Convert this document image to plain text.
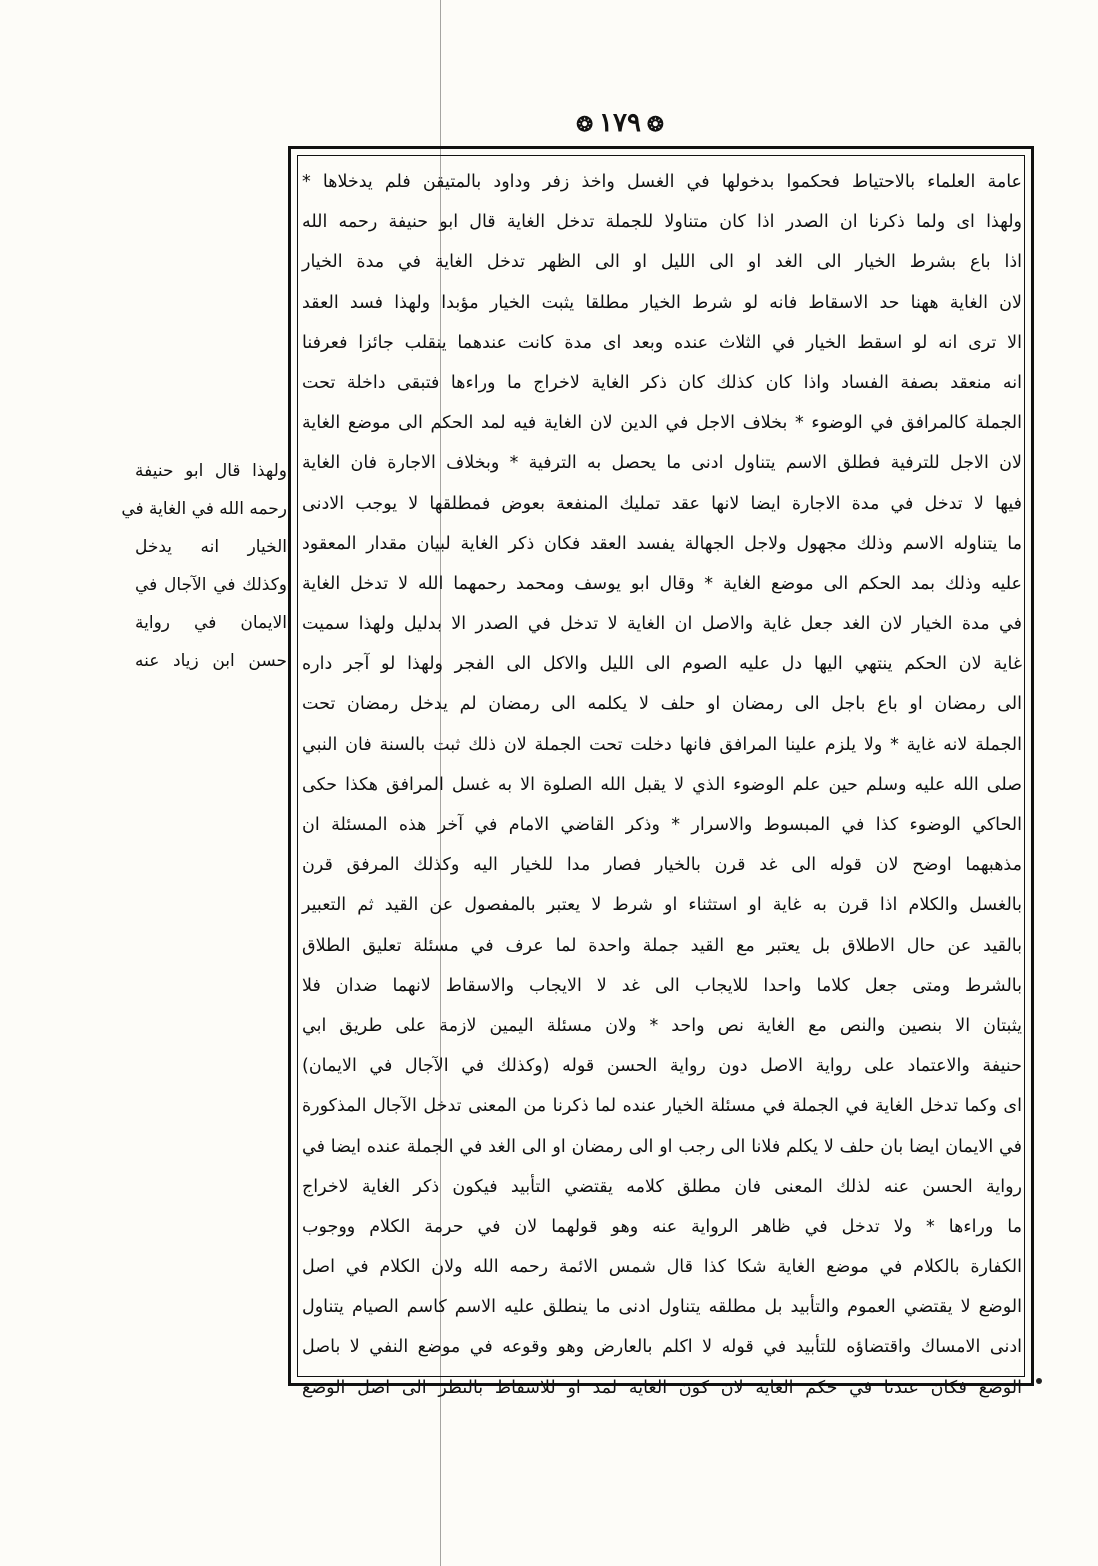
❂١٧٩❂
عامة العلماء بالاحتياط فحكموا بدخولها في الغسل واخذ زفر وداود بالمتيقن فلم يدخلاها *
ولهذا اى ولما ذكرنا ان الصدر اذا كان متناولا للجملة تدخل الغاية قال ابو حنيفة رحمه الله
اذا باع بشرط الخيار الى الغد او الى الليل او الى الظهر تدخل الغاية في مدة الخيار
لان الغاية ههنا حد الاسقاط فانه لو شرط الخيار مطلقا يثبت الخيار مؤبدا ولهذا فسد العقد
الا ترى انه لو اسقط الخيار في الثلاث عنده وبعد اى مدة كانت عندهما ينقلب جائزا فعرفنا
انه منعقد بصفة الفساد واذا كان كذلك كان ذكر الغاية لاخراج ما وراءها فتبقى داخلة تحت
الجملة كالمرافق في الوضوء * بخلاف الاجل في الدين لان الغاية فيه لمد الحكم الى موضع الغاية
لان الاجل للترفية فطلق الاسم يتناول ادنى ما يحصل به الترفية * وبخلاف الاجارة فان الغاية
فيها لا تدخل في مدة الاجارة ايضا لانها عقد تمليك المنفعة بعوض فمطلقها لا يوجب الادنى
ما يتناوله الاسم وذلك مجهول ولاجل الجهالة يفسد العقد فكان ذكر الغاية لبيان مقدار المعقود
عليه وذلك بمد الحكم الى موضع الغاية * وقال ابو يوسف ومحمد رحمهما الله لا تدخل الغاية
في مدة الخيار لان الغد جعل غاية والاصل ان الغاية لا تدخل في الصدر الا بدليل ولهذا سميت
غاية لان الحكم ينتهي اليها دل عليه الصوم الى الليل والاكل الى الفجر ولهذا لو آجر داره
الى رمضان او باع باجل الى رمضان او حلف لا يكلمه الى رمضان لم يدخل رمضان تحت
الجملة لانه غاية * ولا يلزم علينا المرافق فانها دخلت تحت الجملة لان ذلك ثبت بالسنة فان النبي
صلى الله عليه وسلم حين علم الوضوء الذي لا يقبل الله الصلوة الا به غسل المرافق هكذا حكى
الحاكي الوضوء كذا في المبسوط والاسرار * وذكر القاضي الامام في آخر هذه المسئلة ان
مذهبهما اوضح لان قوله الى غد قرن بالخيار فصار مدا للخيار اليه وكذلك المرفق قرن
بالغسل والكلام اذا قرن به غاية او استثناء او شرط لا يعتبر بالمفصول عن القيد ثم التعبير
بالقيد عن حال الاطلاق بل يعتبر مع القيد جملة واحدة لما عرف في مسئلة تعليق الطلاق
بالشرط ومتى جعل كلاما واحدا للايجاب الى غد لا الايجاب والاسقاط لانهما ضدان فلا
يثبتان الا بنصين والنص مع الغاية نص واحد * ولان مسئلة اليمين لازمة على طريق ابي
حنيفة والاعتماد على رواية الاصل دون رواية الحسن قوله (وكذلك في الآجال في الايمان)
اى وكما تدخل الغاية في الجملة في مسئلة الخيار عنده لما ذكرنا من المعنى تدخل الآجال المذكورة
في الايمان ايضا بان حلف لا يكلم فلانا الى رجب او الى رمضان او الى الغد في الجملة عنده ايضا في
رواية الحسن عنه لذلك المعنى فان مطلق كلامه يقتضي التأبيد فيكون ذكر الغاية لاخراج
ما وراءها * ولا تدخل في ظاهر الرواية عنه وهو قولهما لان في حرمة الكلام ووجوب
الكفارة بالكلام في موضع الغاية شكا كذا قال شمس الائمة رحمه الله ولان الكلام في اصل
الوضع لا يقتضي العموم والتأبيد بل مطلقه يتناول ادنى ما ينطلق عليه الاسم كاسم الصيام يتناول
ادنى الامساك واقتضاؤه للتأبيد في قوله لا اكلم بالعارض وهو وقوعه في موضع النفي لا باصل
الوضع فكان عندنا في حكم الغاية لان كون الغاية لمد او للاسقاط بالنظر الى اصل الوضع
ولهذا قال ابو حنيفة
رحمه الله في الغاية في
الخيار انه يدخل
وكذلك في الآجال في
الايمان في رواية
حسن ابن زياد عنه
